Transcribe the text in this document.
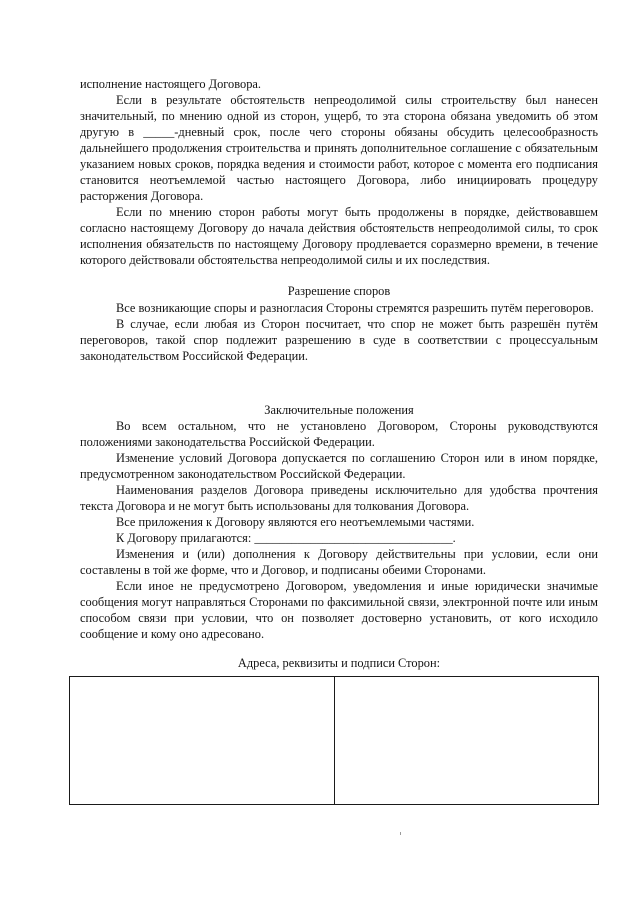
исполнение настоящего Договора.

Если в результате обстоятельств непреодолимой силы строительству был нанесен значительный, по мнению одной из сторон, ущерб, то эта сторона обязана уведомить об этом другую в _____-дневный срок, после чего стороны обязаны обсудить целесообразность дальнейшего продолжения строительства и принять дополнительное соглашение с обязательным указанием новых сроков, порядка ведения и стоимости работ, которое с момента его подписания становится неотъемлемой частью настоящего Договора, либо инициировать процедуру расторжения Договора.

Если по мнению сторон работы могут быть продолжены в порядке, действовавшем согласно настоящему Договору до начала действия обстоятельств непреодолимой силы, то срок исполнения обязательств по настоящему Договору продлевается соразмерно времени, в течение которого действовали обстоятельства непреодолимой силы и их последствия.

Разрешение споров

Все возникающие споры и разногласия Стороны стремятся разрешить путём переговоров.

В случае, если любая из Сторон посчитает, что спор не может быть разрешён путём переговоров, такой спор подлежит разрешению в суде в соответствии с процессуальным законодательством Российской Федерации.

Заключительные положения

Во всем остальном, что не установлено Договором, Стороны руководствуются положениями законодательства Российской Федерации.

Изменение условий Договора допускается по соглашению Сторон или в ином порядке, предусмотренном законодательством Российской Федерации.

Наименования разделов Договора приведены исключительно для удобства прочтения текста Договора и не могут быть использованы для толкования Договора.

Все приложения к Договору являются его неотъемлемыми частями.

К Договору прилагаются: ________________________________.

Изменения и (или) дополнения к Договору действительны при условии, если они составлены в той же форме, что и Договор, и подписаны обеими Сторонами.

Если иное не предусмотрено Договором, уведомления и иные юридически значимые сообщения могут направляться Сторонами по факсимильной связи, электронной почте или иным способом связи при условии, что он позволяет достоверно установить, от кого исходило сообщение и кому оно адресовано.

Адреса, реквизиты и подписи Сторон:
